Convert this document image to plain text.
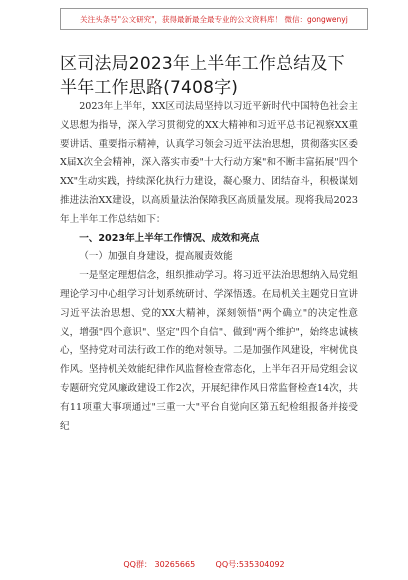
关注头条号"公文研究"，获得最新最全最专业的公文资料库！ 微信：gongwenyj
区司法局2023年上半年工作总结及下半年工作思路(7408字)

2023年上半年，XX区司法局坚持以习近平新时代中国特色社会主义思想为指导，深入学习贯彻党的XX大精神和习近平总书记视察XX重要讲话、重要指示精神，认真学习领会习近平法治思想，贯彻落实区委X届X次全会精神，深入落实市委"十大行动方案"和不断丰富拓展"四个XX"生动实践，持续深化执行力建设，凝心聚力、团结奋斗，积极谋划推进法治XX建设，以高质量法治保障我区高质量发展。现将我局2023年上半年工作总结如下：

一、2023年上半年工作情况、成效和亮点

（一）加强自身建设，提高履责效能

一是坚定理想信念，组织推动学习。将习近平法治思想纳入局党组理论学习中心组学习计划系统研讨、学深悟透。在局机关主题党日宣讲习近平法治思想、党的XX大精神，深刻领悟"两个确立"的决定性意义，增强"四个意识"、坚定"四个自信"、做到"两个维护"，始终忠诚核心，坚持党对司法行政工作的绝对领导。二是加强作风建设，牢树优良作风。坚持机关效能纪律作风监督检查常态化，上半年召开局党组会议专题研究党风廉政建设工作2次，开展纪律作风日常监督检查14次，共有11项重大事项通过"三重一大"平台自觉向区第五纪检组报备并接受纪

QQ群： 30265665	QQ号:535304092
